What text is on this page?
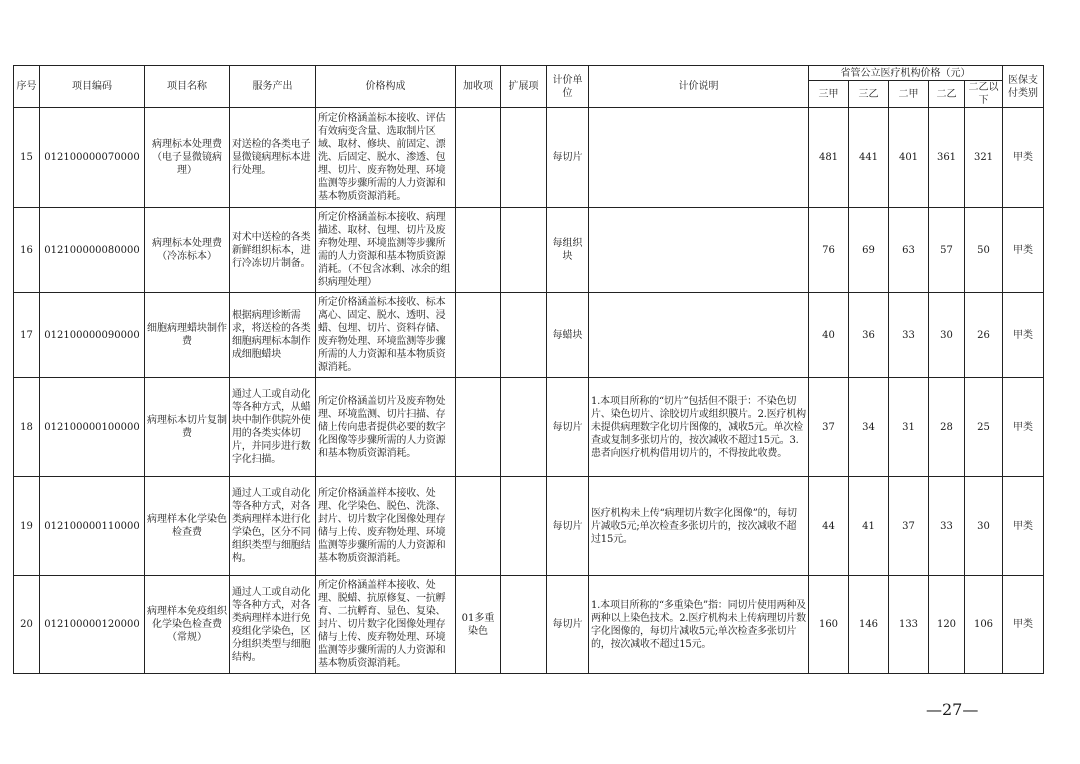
序号	项目编码	项目名称	服务产出	价格构成	加收项	扩展项	计价单位	计价说明	省管公立医疗机构价格（元）					医保支付类别
									三甲	三乙	二甲	二乙	二乙以下	
15	012100000070000	病理标本处理费（电子显微镜病理）	对送检的各类电子显微镜病理标本进行处理。	所定价格涵盖标本接收、评估有效病变含量、选取制片区域、取材、修块、前固定、漂洗、后固定、脱水、渗透、包埋、切片、废弃物处理、环境监测等步骤所需的人力资源和基本物质资源消耗。			每切片		481	441	401	361	321	甲类
16	012100000080000	病理标本处理费（冷冻标本）	对术中送检的各类新鲜组织标本，进行冷冻切片制备。	所定价格涵盖标本接收、病理描述、取材、包埋、切片及废弃物处理、环境监测等步骤所需的人力资源和基本物质资源消耗。（不包含冰剩、冰余的组织病理处理）			每组织块		76	69	63	57	50	甲类
17	012100000090000	细胞病理蜡块制作费	根据病理诊断需求，将送检的各类细胞病理标本制作成细胞蜡块	所定价格涵盖标本接收、标本离心、固定、脱水、透明、浸蜡、包埋、切片、资料存储、废弃物处理、环境监测等步骤所需的人力资源和基本物质资源消耗。			每蜡块		40	36	33	30	26	甲类
18	012100000100000	病理标本切片复制费	通过人工或自动化等各种方式，从蜡块中制作供院外使用的各类实体切片，并同步进行数字化扫描。	所定价格涵盖切片及废弃物处理、环境监测、切片扫描、存储上传向患者提供必要的数字化图像等步骤所需的人力资源和基本物质资源消耗。			每切片	1.本项目所称的“切片”包括但不限于：不染色切片、染色切片、涂胶切片或组织膜片。2.医疗机构未提供病理数字化切片图像的，减收5元。单次检查或复制多张切片的，按次减收不超过15元。3.患者向医疗机构借用切片的，不得按此收费。	37	34	31	28	25	甲类
19	012100000110000	病理样本化学染色检查费	通过人工或自动化等各种方式，对各类病理样本进行化学染色，区分不同组织类型与细胞结构。	所定价格涵盖样本接收、处理、化学染色、脱色、洗涤、封片、切片数字化图像处理存储与上传、废弃物处理、环境监测等步骤所需的人力资源和基本物质资源消耗。			每切片	医疗机构未上传“病理切片数字化图像”的，每切片减收5元;单次检查多张切片的，按次减收不超过15元。	44	41	37	33	30	甲类
20	012100000120000	病理样本免疫组织化学染色检查费（常规）	通过人工或自动化等各种方式，对各类病理样本进行免疫组化学染色，区分组织类型与细胞结构。	所定价格涵盖样本接收、处理、脱蜡、抗原修复、一抗孵育、二抗孵育、显色、复染、封片、切片数字化图像处理存储与上传、废弃物处理、环境监测等步骤所需的人力资源和基本物质资源消耗。	01多重染色		每切片	1.本项目所称的“多重染色”指：同切片使用两种及两种以上染色技术。2.医疗机构未上传病理切片数字化图像的，每切片减收5元;单次检查多张切片的，按次减收不超过15元。	160	146	133	120	106	甲类
—27—
